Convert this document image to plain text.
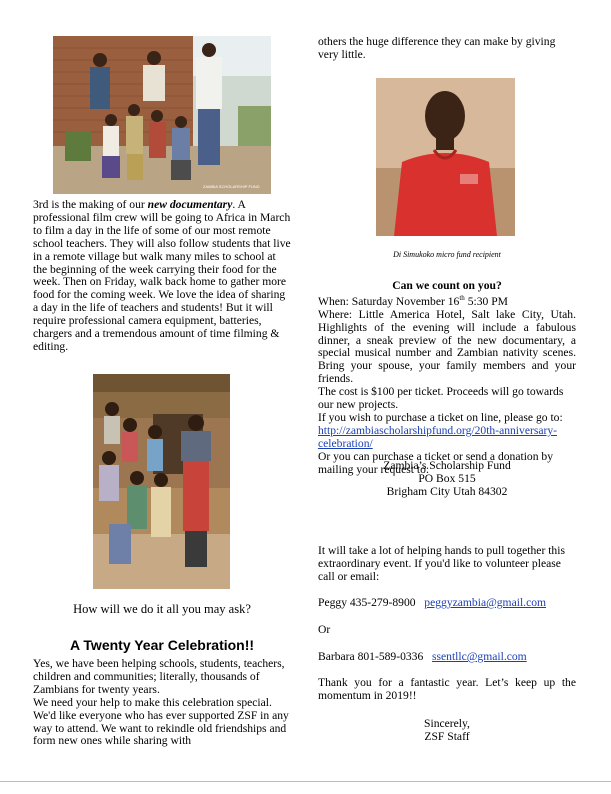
ZAMBIA SCHOLARSHIP FUND

3rd is the making of our new documentary. A professional film crew will be going to Africa in March to film a day in the life of some of our most remote school teachers. They will also follow students that live in a remote village but walk many miles to school at the beginning of the week carrying their food for the week. Then on Friday, walk back home to gather more food for the coming week. We love the idea of sharing a day in the life of teachers and students! But it will require professional camera equipment, batteries, chargers and a tremendous amount of time filming & editing.

How will we do it all you may ask?
A Twenty Year Celebration!!

Yes, we have been helping schools, students, teachers, children and communities; literally, thousands of Zambians for twenty years.

We need your help to make this celebration special. We'd like everyone who has ever supported ZSF in any way to attend. We want to rekindle old friendships and form new ones while sharing with

others the huge difference they can make by giving very little.

Di Simukoko micro fund recipient
Can we count on you?

When: Saturday November 16th 5:30 PM

Where: Little America Hotel, Salt lake City, Utah. Highlights of the evening will include a fabulous dinner, a sneak preview of the new documentary, a special musical number and Zambian nativity scenes. Bring your spouse, your family members and your friends.

The cost is $100 per ticket. Proceeds will go towards our new projects.

If you wish to purchase a ticket on line, please go to:

http://zambiascholarshipfund.org/20th-anniversary-celebration/

Or you can purchase a ticket or send a donation by mailing your request to:

Zambia’s Scholarship Fund

PO Box 515

Brigham City Utah 84302

It will take a lot of helping hands to pull together this extraordinary event. If you'd like to volunteer please call or email:

Peggy 435-279-8900 peggyzambia@gmail.com

Or

Barbara 801-589-0336 ssentllc@gmail.com

Thank you for a fantastic year. Let’s keep up the momentum in 2019!!

Sincerely,

ZSF Staff
